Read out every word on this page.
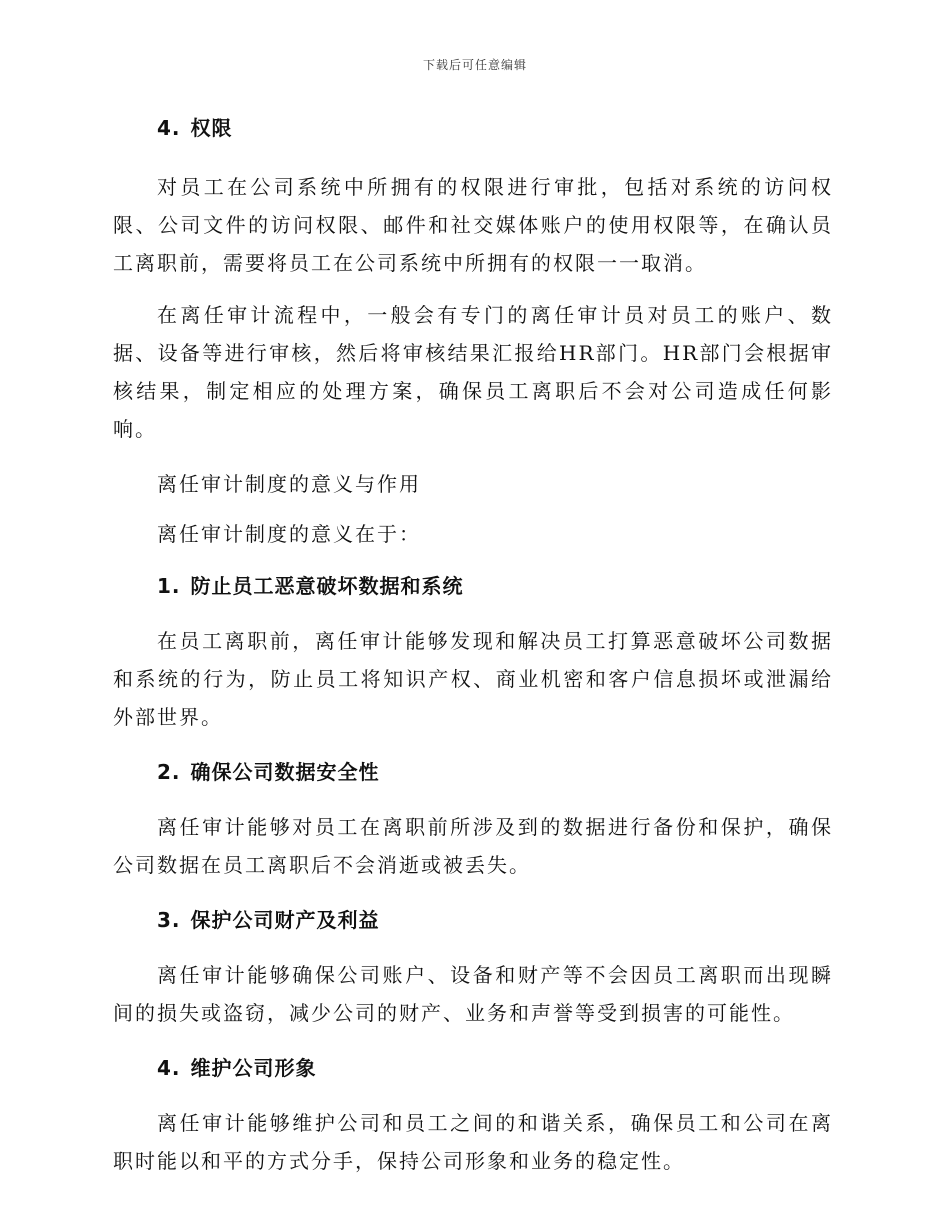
下载后可任意编辑
4. 权限

对员工在公司系统中所拥有的权限进行审批，包括对系统的访问权限、公司文件的访问权限、邮件和社交媒体账户的使用权限等，在确认员工离职前，需要将员工在公司系统中所拥有的权限一一取消。

在离任审计流程中，一般会有专门的离任审计员对员工的账户、数据、设备等进行审核，然后将审核结果汇报给HR部门。HR部门会根据审核结果，制定相应的处理方案，确保员工离职后不会对公司造成任何影响。

离任审计制度的意义与作用

离任审计制度的意义在于：

1. 防止员工恶意破坏数据和系统

在员工离职前，离任审计能够发现和解决员工打算恶意破坏公司数据和系统的行为，防止员工将知识产权、商业机密和客户信息损坏或泄漏给外部世界。

2. 确保公司数据安全性

离任审计能够对员工在离职前所涉及到的数据进行备份和保护，确保公司数据在员工离职后不会消逝或被丢失。

3. 保护公司财产及利益

离任审计能够确保公司账户、设备和财产等不会因员工离职而出现瞬间的损失或盗窃，减少公司的财产、业务和声誉等受到损害的可能性。

4. 维护公司形象

离任审计能够维护公司和员工之间的和谐关系，确保员工和公司在离职时能以和平的方式分手，保持公司形象和业务的稳定性。
